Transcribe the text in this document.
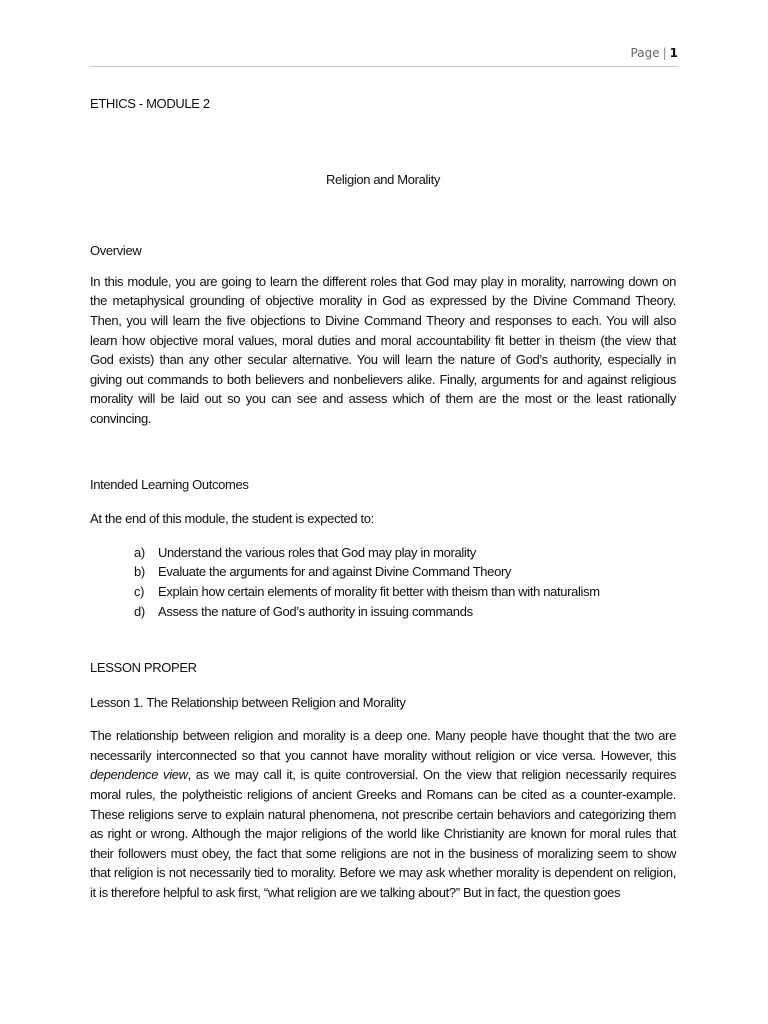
Page | 1
ETHICS - MODULE 2
Religion and Morality
Overview

In this module, you are going to learn the different roles that God may play in morality, narrowing down on the metaphysical grounding of objective morality in God as expressed by the Divine Command Theory. Then, you will learn the five objections to Divine Command Theory and responses to each. You will also learn how objective moral values, moral duties and moral accountability fit better in theism (the view that God exists) than any other secular alternative. You will learn the nature of God’s authority, especially in giving out commands to both believers and nonbelievers alike. Finally, arguments for and against religious morality will be laid out so you can see and assess which of them are the most or the least rationally convincing.

Intended Learning Outcomes

At the end of this module, the student is expected to:

a)	Understand the various roles that God may play in morality
b)	Evaluate the arguments for and against Divine Command Theory
c)	Explain how certain elements of morality fit better with theism than with naturalism
d)	Assess the nature of God’s authority in issuing commands
LESSON PROPER
Lesson 1. The Relationship between Religion and Morality

The relationship between religion and morality is a deep one. Many people have thought that the two are necessarily interconnected so that you cannot have morality without religion or vice versa. However, this dependence view, as we may call it, is quite controversial. On the view that religion necessarily requires moral rules, the polytheistic religions of ancient Greeks and Romans can be cited as a counter-example. These religions serve to explain natural phenomena, not prescribe certain behaviors and categorizing them as right or wrong. Although the major religions of the world like Christianity are known for moral rules that their followers must obey, the fact that some religions are not in the business of moralizing seem to show that religion is not necessarily tied to morality. Before we may ask whether morality is dependent on religion, it is therefore helpful to ask first, “what religion are we talking about?” But in fact, the question goes
